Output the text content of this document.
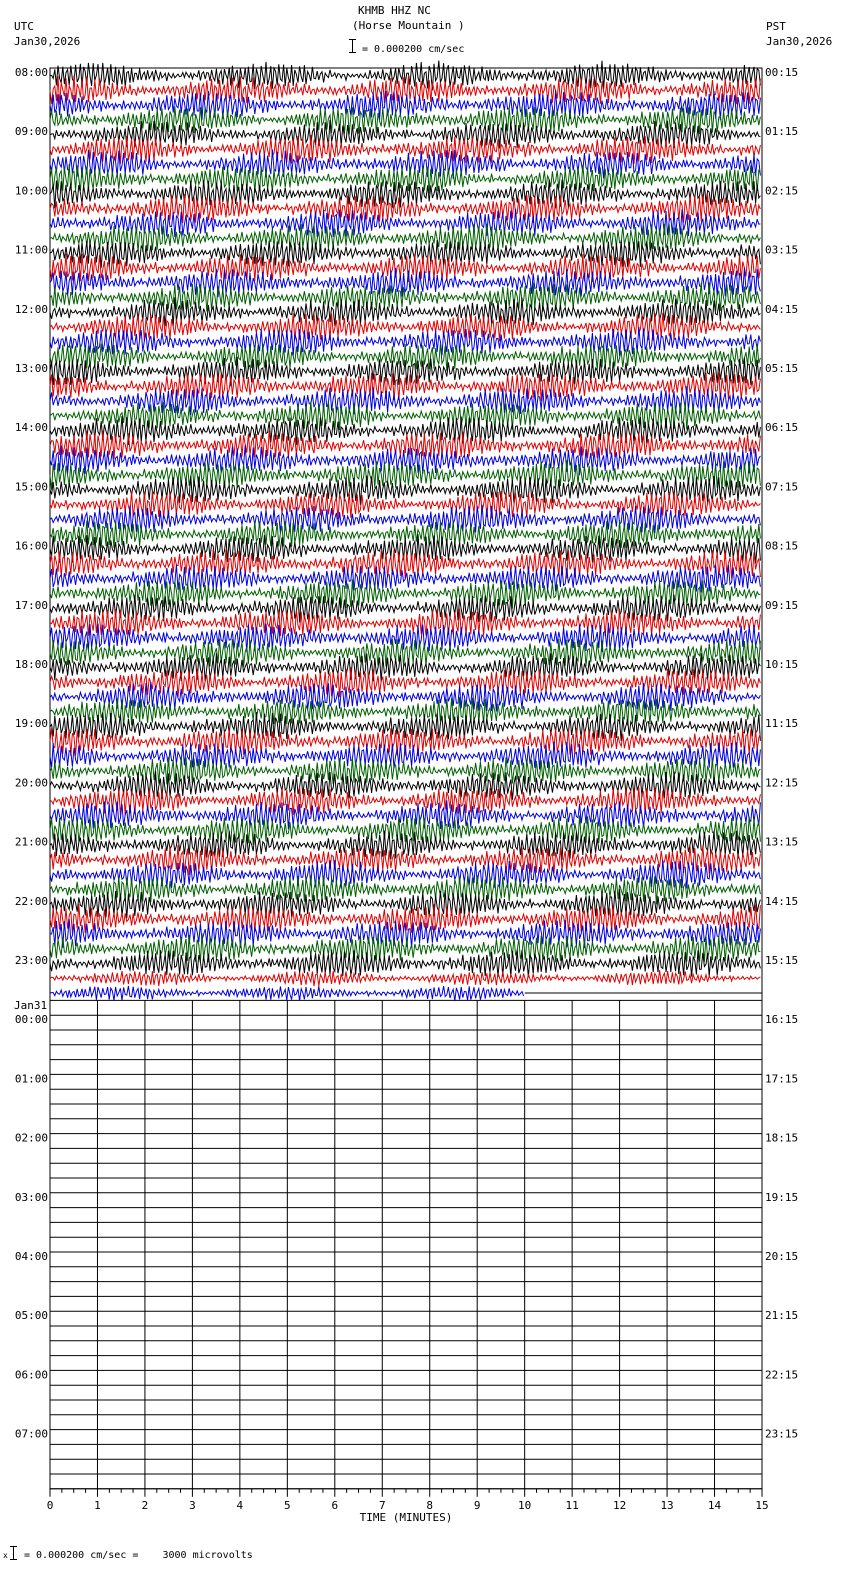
KHMB HHZ NC
(Horse Mountain )
= 0.000200 cm/sec
UTC
Jan30,2026
PST
Jan30,2026
08:00
09:00
10:00
11:00
12:00
13:00
14:00
15:00
16:00
17:00
18:00
19:00
20:00
21:00
22:00
23:00
00:00
01:00
02:00
03:00
04:00
05:00
06:00
07:00
00:15
01:15
02:15
03:15
04:15
05:15
06:15
07:15
08:15
09:15
10:15
11:15
12:15
13:15
14:15
15:15
16:15
17:15
18:15
19:15
20:15
21:15
22:15
23:15
Jan31
0	1	2	3	4	5	6	7	8	9	10	11	12	13	14	15
TIME (MINUTES)
x = 0.000200 cm/sec =    3000 microvolts
